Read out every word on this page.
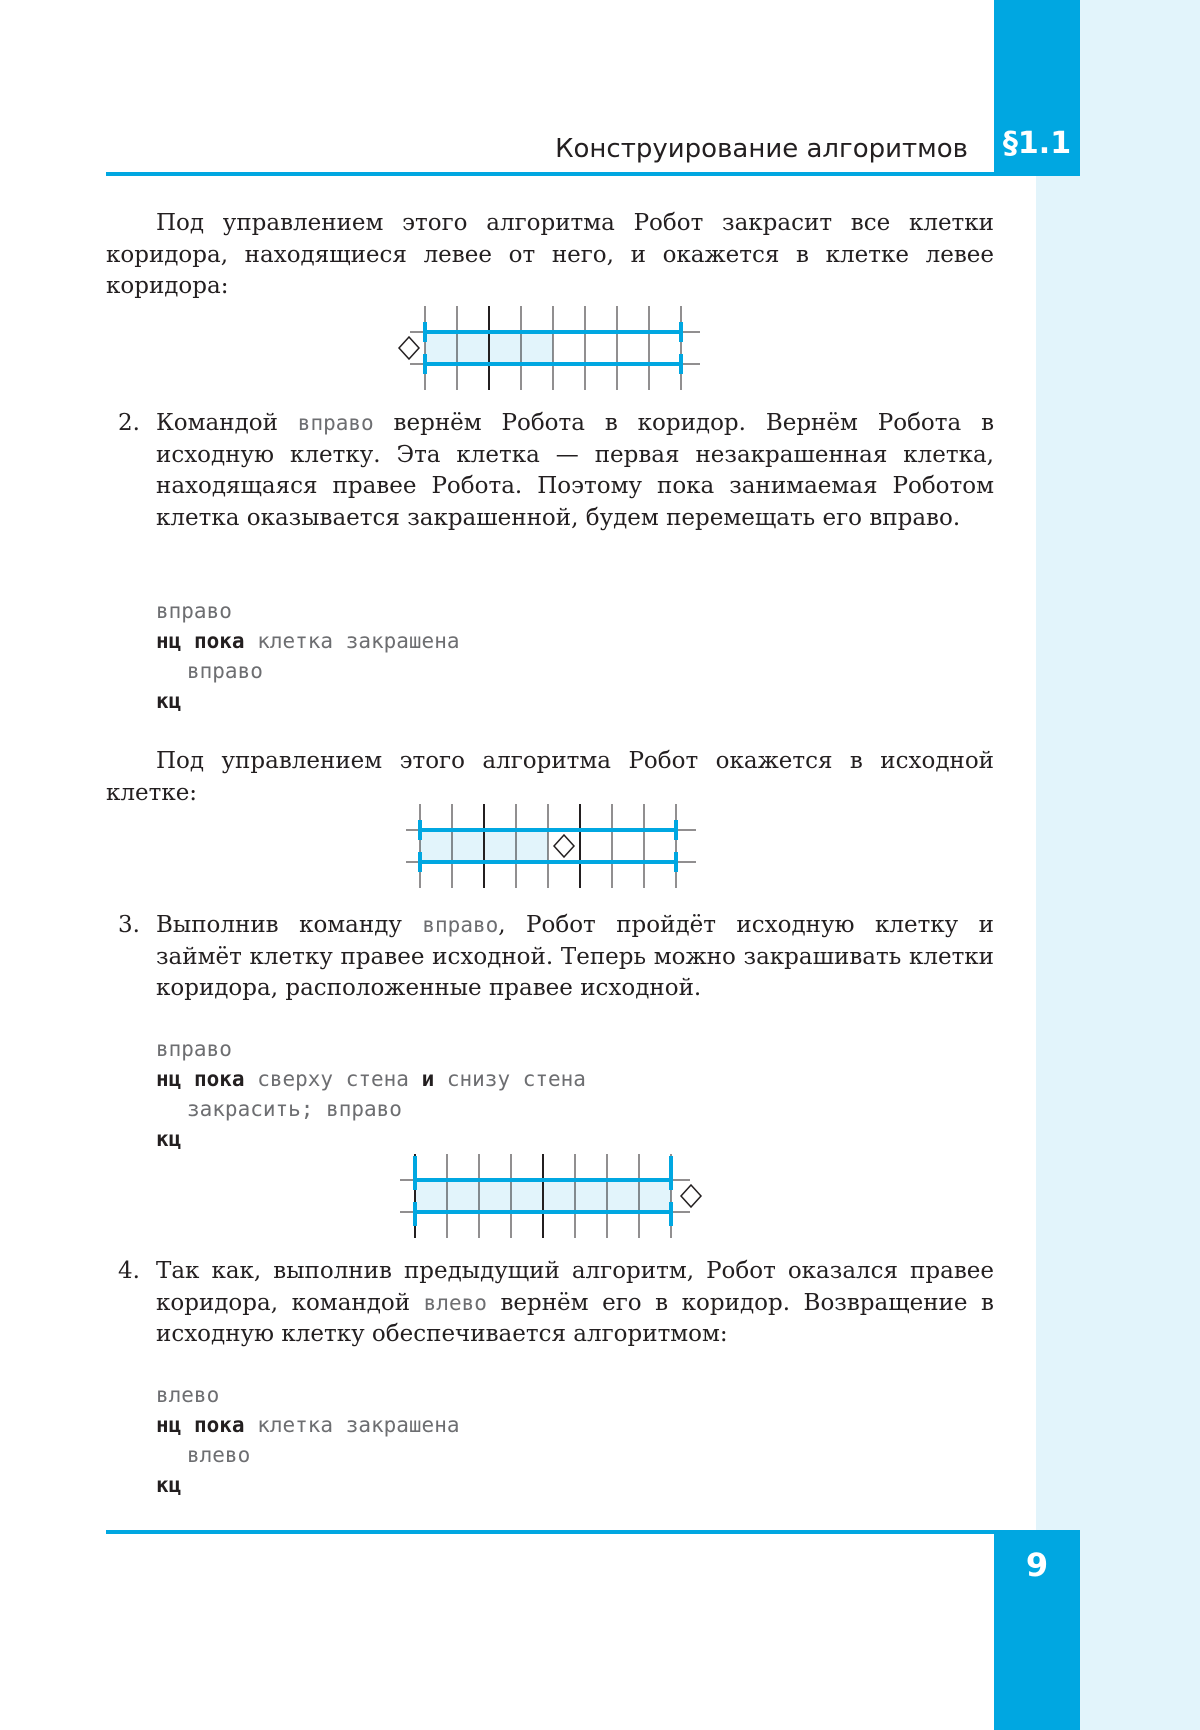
Конструирование алгоритмов §1.1

Под управлением этого алгоритма Робот закрасит все клетки коридора, находящиеся левее от него, и окажется в клетке левее коридора:

2. Командой вправо вернём Робота в коридор. Вернём Робота в исходную клетку. Эта клетка — первая незакрашенная клетка, находящаяся правее Робота. Поэтому пока занимаемая Роботом клетка оказывается закрашенной, будем перемещать его вправо.
вправо
нц пока клетка закрашена
вправо
кц

Под управлением этого алгоритма Робот окажется в исходной клетке:

3. Выполнив команду вправо, Робот пройдёт исходную клетку и займёт клетку правее исходной. Теперь можно закрашивать клетки коридора, расположенные правее исходной.
вправо
нц пока сверху стена и снизу стена
закрасить; вправо
кц
4. Так как, выполнив предыдущий алгоритм, Робот оказался правее коридора, командой влево вернём его в коридор. Возвращение в исходную клетку обеспечивается алгоритмом:
влево
нц пока клетка закрашена
влево
кц
9
